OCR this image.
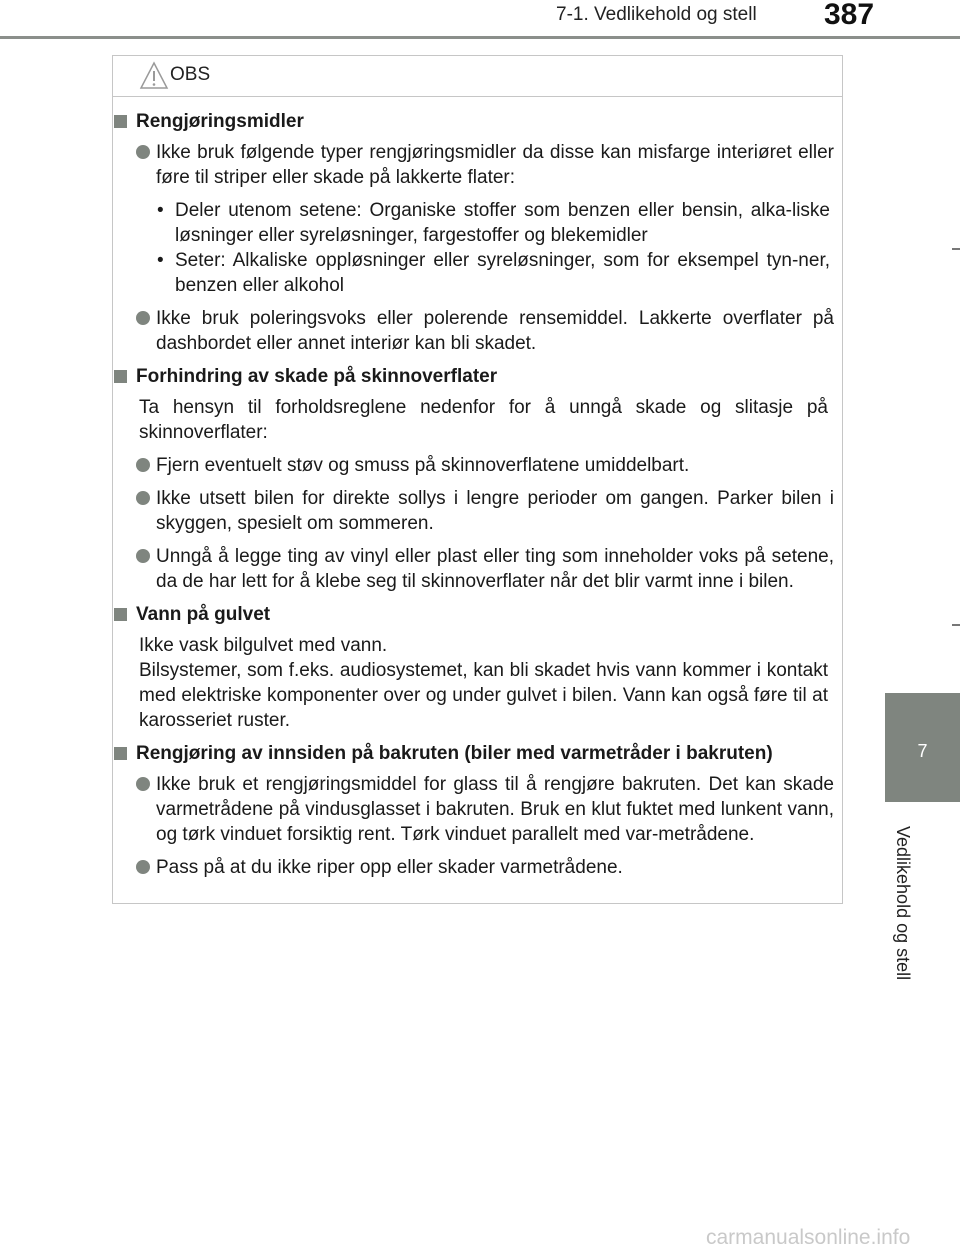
7-1. Vedlikehold og stell 387
7
Vedlikehold og stell
OBS
Rengjøringsmidler
Ikke bruk følgende typer rengjøringsmidler da disse kan misfarge interiøret eller føre til striper eller skade på lakkerte flater:
• Deler utenom setene: Organiske stoffer som benzen eller bensin, alka-liske løsninger eller syreløsninger, fargestoffer og blekemidler
• Seter: Alkaliske oppløsninger eller syreløsninger, som for eksempel tyn-ner, benzen eller alkohol
Ikke bruk poleringsvoks eller polerende rensemiddel. Lakkerte overflater på dashbordet eller annet interiør kan bli skadet.
Forhindring av skade på skinnoverflater
Ta hensyn til forholdsreglene nedenfor for å unngå skade og slitasje på skinnoverflater:
Fjern eventuelt støv og smuss på skinnoverflatene umiddelbart.
Ikke utsett bilen for direkte sollys i lengre perioder om gangen. Parker bilen i skyggen, spesielt om sommeren.
Unngå å legge ting av vinyl eller plast eller ting som inneholder voks på setene, da de har lett for å klebe seg til skinnoverflater når det blir varmt inne i bilen.
Vann på gulvet
Ikke vask bilgulvet med vann.
Bilsystemer, som f.eks. audiosystemet, kan bli skadet hvis vann kommer i kontakt med elektriske komponenter over og under gulvet i bilen. Vann kan også føre til at karosseriet ruster.
Rengjøring av innsiden på bakruten (biler med varmetråder i bakruten)
Ikke bruk et rengjøringsmiddel for glass til å rengjøre bakruten. Det kan skade varmetrådene på vindusglasset i bakruten. Bruk en klut fuktet med lunkent vann, og tørk vinduet forsiktig rent. Tørk vinduet parallelt med var-metrådene.
Pass på at du ikke riper opp eller skader varmetrådene.
carmanualsonline.info
